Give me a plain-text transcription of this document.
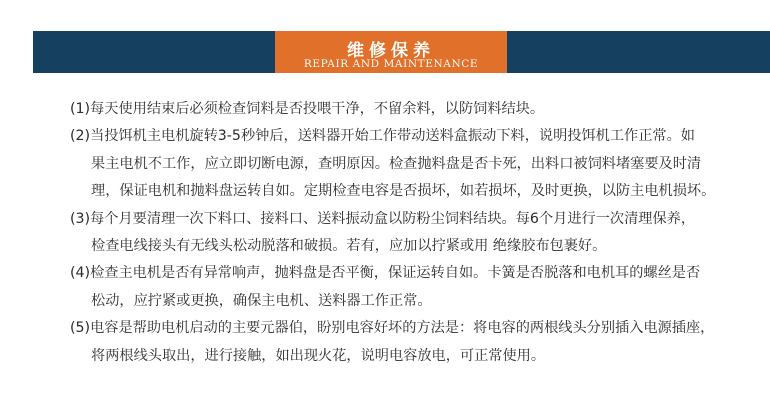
维修保养
REPAIR AND MAINTENANCE
(1)每天使用结束后必须检查饲料是否投喂干净，不留余料，以防饲料结块。
(2)当投饵机主电机旋转3-5秒钟后，送料器开始工作带动送料盒振动下料，说明投饵机工作正常。如
果主电机不工作，应立即切断电源，查明原因。检查抛料盘是否卡死，出料口被饲料堵塞要及时清
理，保证电机和抛料盘运转自如。定期检查电容是否损坏，如若损坏，及时更换，以防主电机损坏。
(3)每个月要清理一次下料口、接料口、送料振动盒以防粉尘饲料结块。每6个月进行一次清理保养，
检查电线接头有无线头松动脱落和破损。若有，应加以拧紧或用 绝缘胶布包裹好。
(4)检查主电机是否有异常响声，抛料盘是否平衡，保证运转自如。卡簧是否脱落和电机耳的螺丝是否
松动，应拧紧或更换，确保主电机、送料器工作正常。
(5)电容是帮助电机启动的主要元器伯，盼别电容好坏的方法是：将电容的两根线头分别插入电源插座，
将两根线头取出，进行接触，如出现火花，说明电容放电，可正常使用。
